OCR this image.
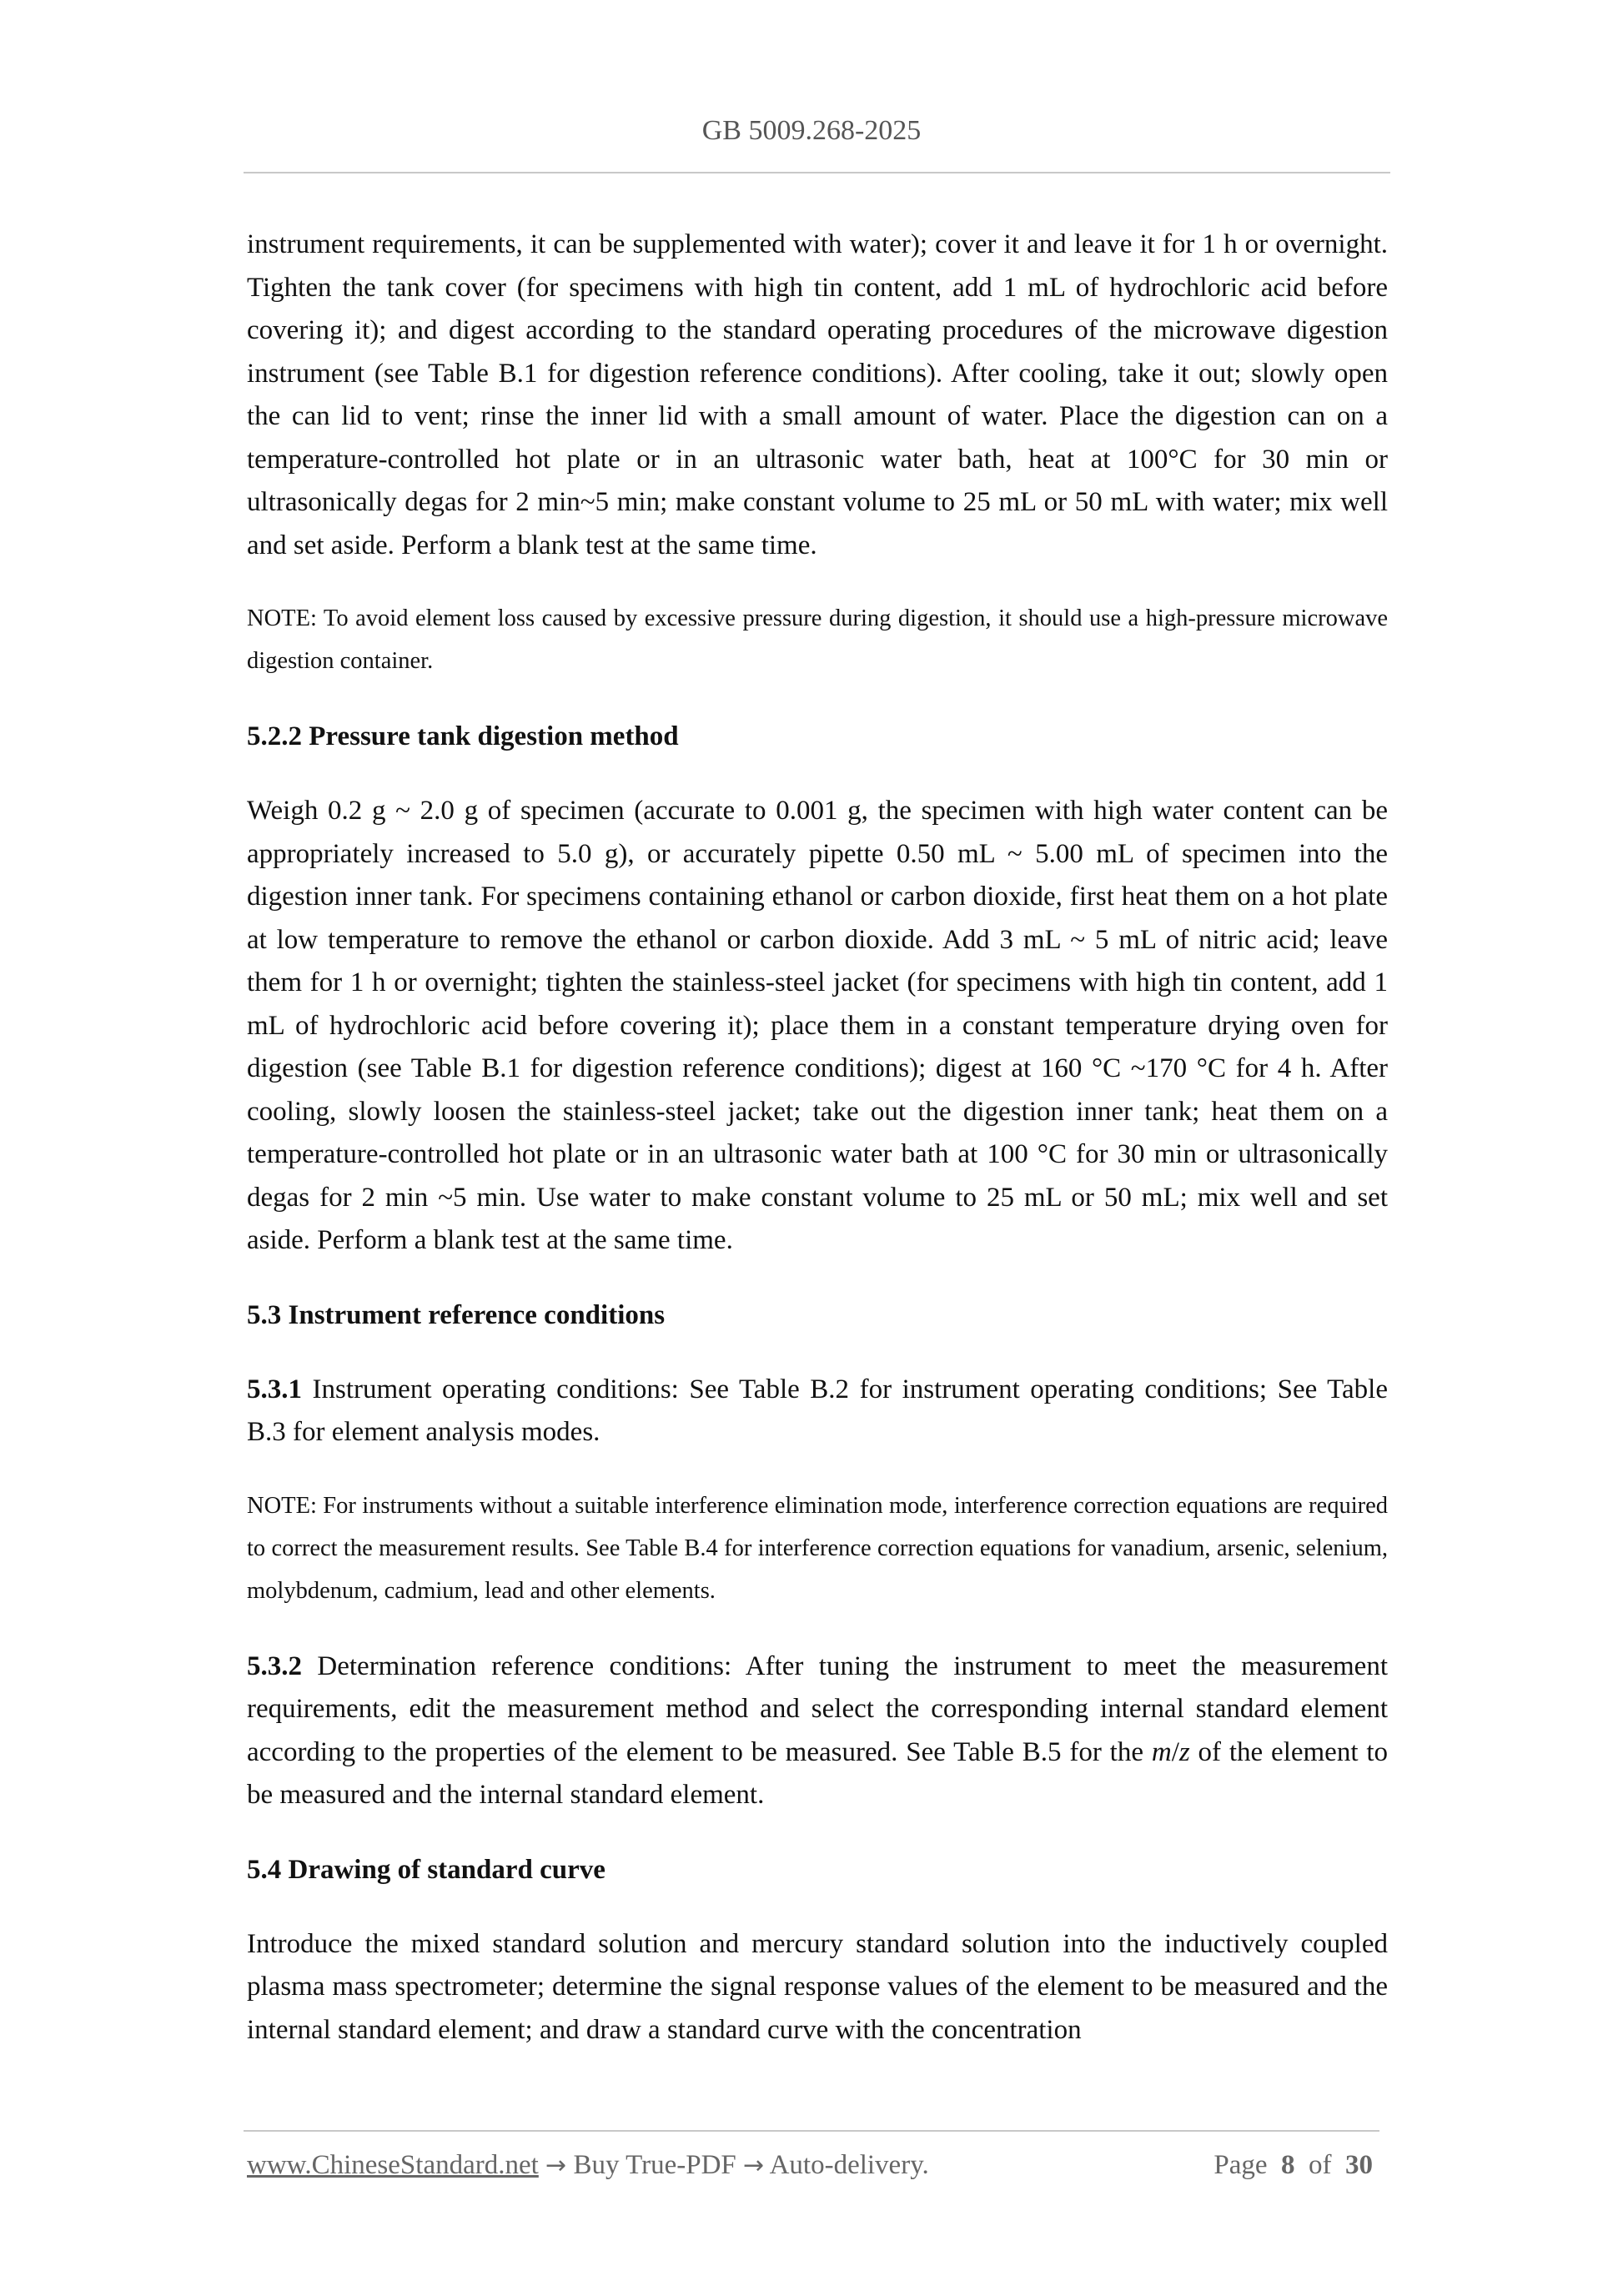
GB 5009.268-2025

instrument requirements, it can be supplemented with water); cover it and leave it for 1 h or overnight. Tighten the tank cover (for specimens with high tin content, add 1 mL of hydrochloric acid before covering it); and digest according to the standard operating procedures of the microwave digestion instrument (see Table B.1 for digestion reference conditions). After cooling, take it out; slowly open the can lid to vent; rinse the inner lid with a small amount of water. Place the digestion can on a temperature-controlled hot plate or in an ultrasonic water bath, heat at 100°C for 30 min or ultrasonically degas for 2 min~5 min; make constant volume to 25 mL or 50 mL with water; mix well and set aside. Perform a blank test at the same time.

NOTE: To avoid element loss caused by excessive pressure during digestion, it should use a high-pressure microwave digestion container.

5.2.2 Pressure tank digestion method

Weigh 0.2 g ~ 2.0 g of specimen (accurate to 0.001 g, the specimen with high water content can be appropriately increased to 5.0 g), or accurately pipette 0.50 mL ~ 5.00 mL of specimen into the digestion inner tank. For specimens containing ethanol or carbon dioxide, first heat them on a hot plate at low temperature to remove the ethanol or carbon dioxide. Add 3 mL ~ 5 mL of nitric acid; leave them for 1 h or overnight; tighten the stainless-steel jacket (for specimens with high tin content, add 1 mL of hydrochloric acid before covering it); place them in a constant temperature drying oven for digestion (see Table B.1 for digestion reference conditions); digest at 160 °C ~170 °C for 4 h. After cooling, slowly loosen the stainless-steel jacket; take out the digestion inner tank; heat them on a temperature-controlled hot plate or in an ultrasonic water bath at 100 °C for 30 min or ultrasonically degas for 2 min ~5 min. Use water to make constant volume to 25 mL or 50 mL; mix well and set aside. Perform a blank test at the same time.

5.3 Instrument reference conditions

5.3.1 Instrument operating conditions: See Table B.2 for instrument operating conditions; See Table B.3 for element analysis modes.

NOTE: For instruments without a suitable interference elimination mode, interference correction equations are required to correct the measurement results. See Table B.4 for interference correction equations for vanadium, arsenic, selenium, molybdenum, cadmium, lead and other elements.

5.3.2 Determination reference conditions: After tuning the instrument to meet the measurement requirements, edit the measurement method and select the corresponding internal standard element according to the properties of the element to be measured. See Table B.5 for the m/z of the element to be measured and the internal standard element.

5.4 Drawing of standard curve

Introduce the mixed standard solution and mercury standard solution into the inductively coupled plasma mass spectrometer; determine the signal response values of the element to be measured and the internal standard element; and draw a standard curve with the concentration

www.ChineseStandard.net → Buy True-PDF → Auto-delivery.	Page 8 of 30
